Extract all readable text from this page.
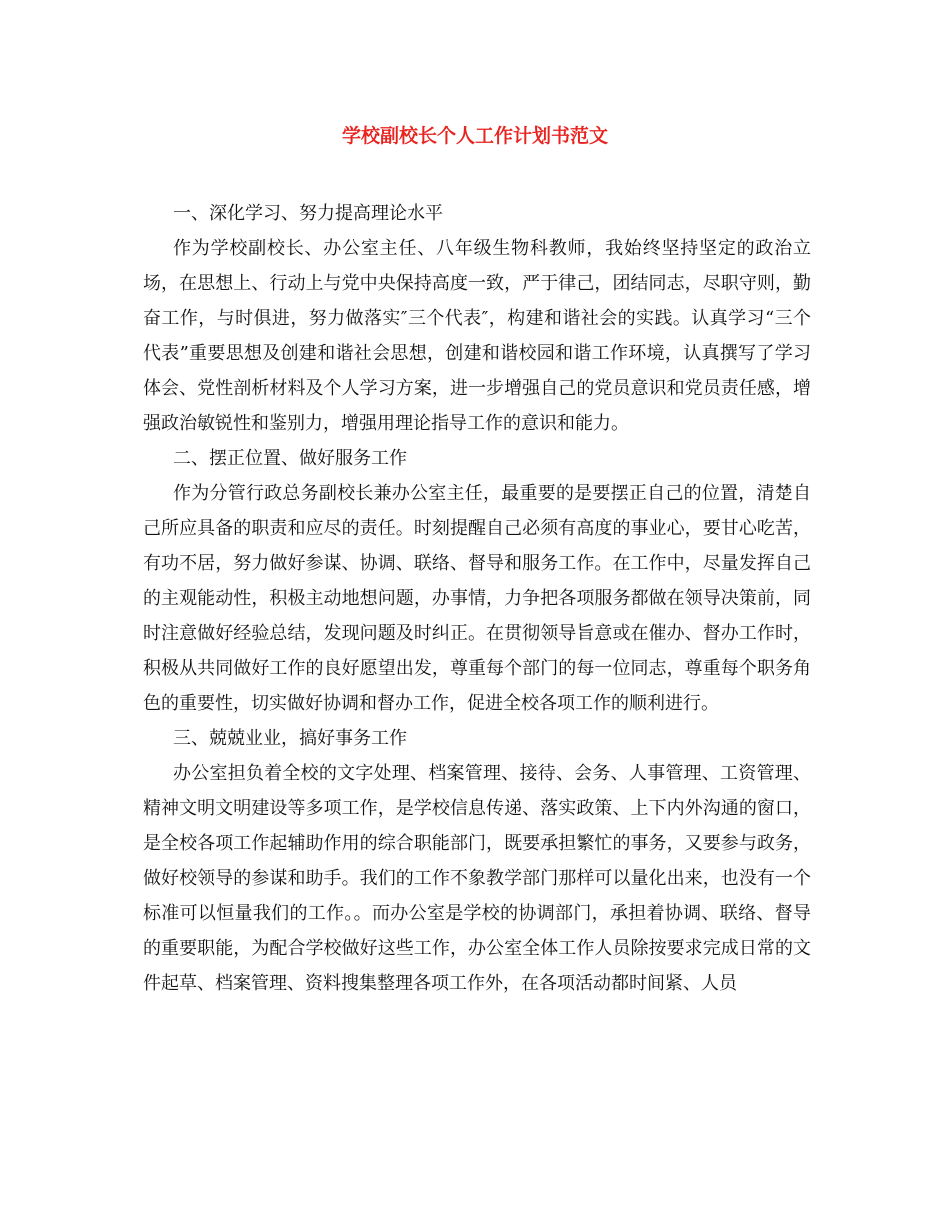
学校副校长个人工作计划书范文

一、深化学习、努力提高理论水平

作为学校副校长、办公室主任、八年级生物科教师，我始终坚持坚定的政治立场，在思想上、行动上与党中央保持高度一致，严于律己，团结同志，尽职守则，勤奋工作，与时俱进，努力做落实″三个代表″，构建和谐社会的实践。认真学习“三个代表”重要思想及创建和谐社会思想，创建和谐校园和谐工作环境，认真撰写了学习体会、党性剖析材料及个人学习方案，进一步增强自己的党员意识和党员责任感，增强政治敏锐性和鉴别力，增强用理论指导工作的意识和能力。

二、摆正位置、做好服务工作

作为分管行政总务副校长兼办公室主任，最重要的是要摆正自己的位置，清楚自己所应具备的职责和应尽的责任。时刻提醒自己必须有高度的事业心，要甘心吃苦，有功不居，努力做好参谋、协调、联络、督导和服务工作。在工作中，尽量发挥自己的主观能动性，积极主动地想问题，办事情，力争把各项服务都做在领导决策前，同时注意做好经验总结，发现问题及时纠正。在贯彻领导旨意或在催办、督办工作时，积极从共同做好工作的良好愿望出发，尊重每个部门的每一位同志，尊重每个职务角色的重要性，切实做好协调和督办工作，促进全校各项工作的顺利进行。

三、兢兢业业，搞好事务工作

办公室担负着全校的文字处理、档案管理、接待、会务、人事管理、工资管理、精神文明文明建设等多项工作，是学校信息传递、落实政策、上下内外沟通的窗口，是全校各项工作起辅助作用的综合职能部门，既要承担繁忙的事务，又要参与政务，做好校领导的参谋和助手。我们的工作不象教学部门那样可以量化出来，也没有一个标准可以恒量我们的工作。。而办公室是学校的协调部门，承担着协调、联络、督导的重要职能，为配合学校做好这些工作，办公室全体工作人员除按要求完成日常的文件起草、档案管理、资料搜集整理各项工作外，在各项活动都时间紧、人员
